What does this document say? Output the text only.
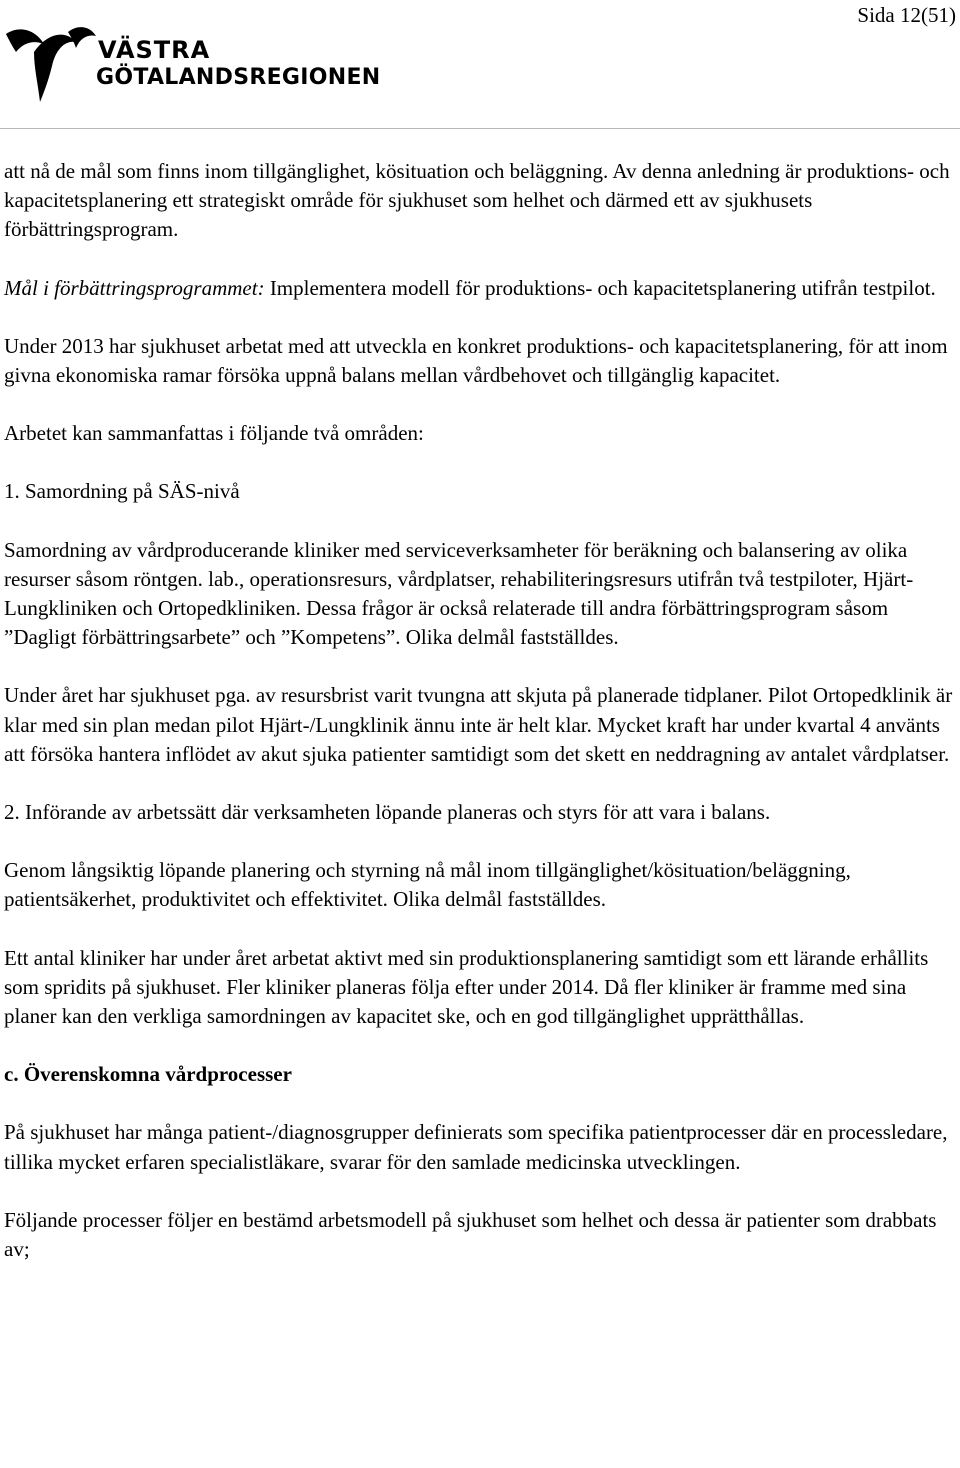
Sida 12(51)
VÄSTRA
GÖTALANDSREGIONEN

att nå de mål som finns inom tillgänglighet, kösituation och beläggning. Av denna anledning är produktions- och kapacitetsplanering ett strategiskt område för sjukhuset som helhet och därmed ett av sjukhusets förbättringsprogram.

Mål i förbättringsprogrammet: Implementera modell för produktions- och kapacitetsplanering utifrån testpilot.

Under 2013 har sjukhuset arbetat med att utveckla en konkret produktions- och kapacitetsplanering, för att inom givna ekonomiska ramar försöka uppnå balans mellan vårdbehovet och tillgänglig kapacitet.

Arbetet kan sammanfattas i följande två områden:

1. Samordning på SÄS-nivå

Samordning av vårdproducerande kliniker med serviceverksamheter för beräkning och balansering av olika resurser såsom röntgen. lab., operationsresurs, vårdplatser, rehabiliteringsresurs utifrån två testpiloter, Hjärt-Lungkliniken och Ortopedkliniken. Dessa frågor är också relaterade till andra förbättringsprogram såsom ”Dagligt förbättringsarbete” och ”Kompetens”. Olika delmål fastställdes.

Under året har sjukhuset pga. av resursbrist varit tvungna att skjuta på planerade tidplaner. Pilot Ortopedklinik är klar med sin plan medan pilot Hjärt-/Lungklinik ännu inte är helt klar. Mycket kraft har under kvartal 4 använts att försöka hantera inflödet av akut sjuka patienter samtidigt som det skett en neddragning av antalet vårdplatser.

2. Införande av arbetssätt där verksamheten löpande planeras och styrs för att vara i balans.

Genom långsiktig löpande planering och styrning nå mål inom tillgänglighet/kösituation/beläggning, patientsäkerhet, produktivitet och effektivitet. Olika delmål fastställdes.

Ett antal kliniker har under året arbetat aktivt med sin produktionsplanering samtidigt som ett lärande erhållits som spridits på sjukhuset. Fler kliniker planeras följa efter under 2014. Då fler kliniker är framme med sina planer kan den verkliga samordningen av kapacitet ske, och en god tillgänglighet upprätthållas.

c. Överenskomna vårdprocesser

På sjukhuset har många patient-/diagnosgrupper definierats som specifika patientprocesser där en processledare, tillika mycket erfaren specialistläkare, svarar för den samlade medicinska utvecklingen.

Följande processer följer en bestämd arbetsmodell på sjukhuset som helhet och dessa är patienter som drabbats av;
